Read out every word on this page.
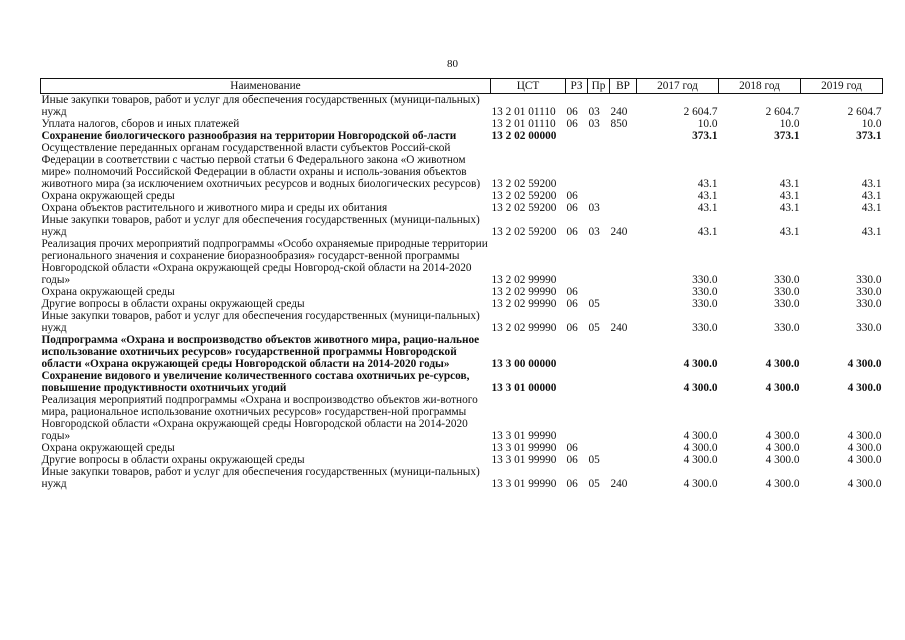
80
Наименование	ЦСТ	РЗ	Пр	ВР	2017 год	2018 год	2019 год
Иные закупки товаров, работ и услуг для обеспечения государственных (муници-пальных) нужд	13 2 01 01110	06	03	240	2 604.7	2 604.7	2 604.7
Уплата налогов, сборов и иных платежей	13 2 01 01110	06	03	850	10.0	10.0	10.0
Сохранение биологического разнообразия на территории Новгородской об-ласти	13 2 02 00000				373.1	373.1	373.1
Осуществление переданных органам государственной власти субъектов Россий-ской Федерации в соответствии с частью первой статьи 6 Федерального закона «О животном мире» полномочий Российской Федерации в области охраны и исполь-зования объектов животного мира (за исключением охотничьих ресурсов и водных биологических ресурсов)	13 2 02 59200				43.1	43.1	43.1
Охрана окружающей среды	13 2 02 59200	06			43.1	43.1	43.1
Охрана объектов растительного и животного мира и среды их обитания	13 2 02 59200	06	03		43.1	43.1	43.1
Иные закупки товаров, работ и услуг для обеспечения государственных (муници-пальных) нужд	13 2 02 59200	06	03	240	43.1	43.1	43.1
Реализация прочих мероприятий подпрограммы «Особо охраняемые природные территории регионального значения и сохранение биоразнообразия» государст-венной программы Новгородской области «Охрана окружающей среды Новгород-ской области на 2014-2020 годы»	13 2 02 99990				330.0	330.0	330.0
Охрана окружающей среды	13 2 02 99990	06			330.0	330.0	330.0
Другие вопросы в области охраны окружающей среды	13 2 02 99990	06	05		330.0	330.0	330.0
Иные закупки товаров, работ и услуг для обеспечения государственных (муници-пальных) нужд	13 2 02 99990	06	05	240	330.0	330.0	330.0
Подпрограмма «Охрана и воспроизводство объектов животного мира, рацио-нальное использование охотничьих ресурсов» государственной программы Новгородской области «Охрана окружающей среды Новгородской области на 2014-2020 годы»	13 3 00 00000				4 300.0	4 300.0	4 300.0
Сохранение видового и увеличение количественного состава охотничьих ре-сурсов, повышение продуктивности охотничьих угодий	13 3 01 00000				4 300.0	4 300.0	4 300.0
Реализация мероприятий подпрограммы «Охрана и воспроизводство объектов жи-вотного мира, рациональное использование охотничьих ресурсов» государствен-ной программы Новгородской области «Охрана окружающей среды Новгородской области на 2014-2020 годы»	13 3 01 99990				4 300.0	4 300.0	4 300.0
Охрана окружающей среды	13 3 01 99990	06			4 300.0	4 300.0	4 300.0
Другие вопросы в области охраны окружающей среды	13 3 01 99990	06	05		4 300.0	4 300.0	4 300.0
Иные закупки товаров, работ и услуг для обеспечения государственных (муници-пальных) нужд	13 3 01 99990	06	05	240	4 300.0	4 300.0	4 300.0
